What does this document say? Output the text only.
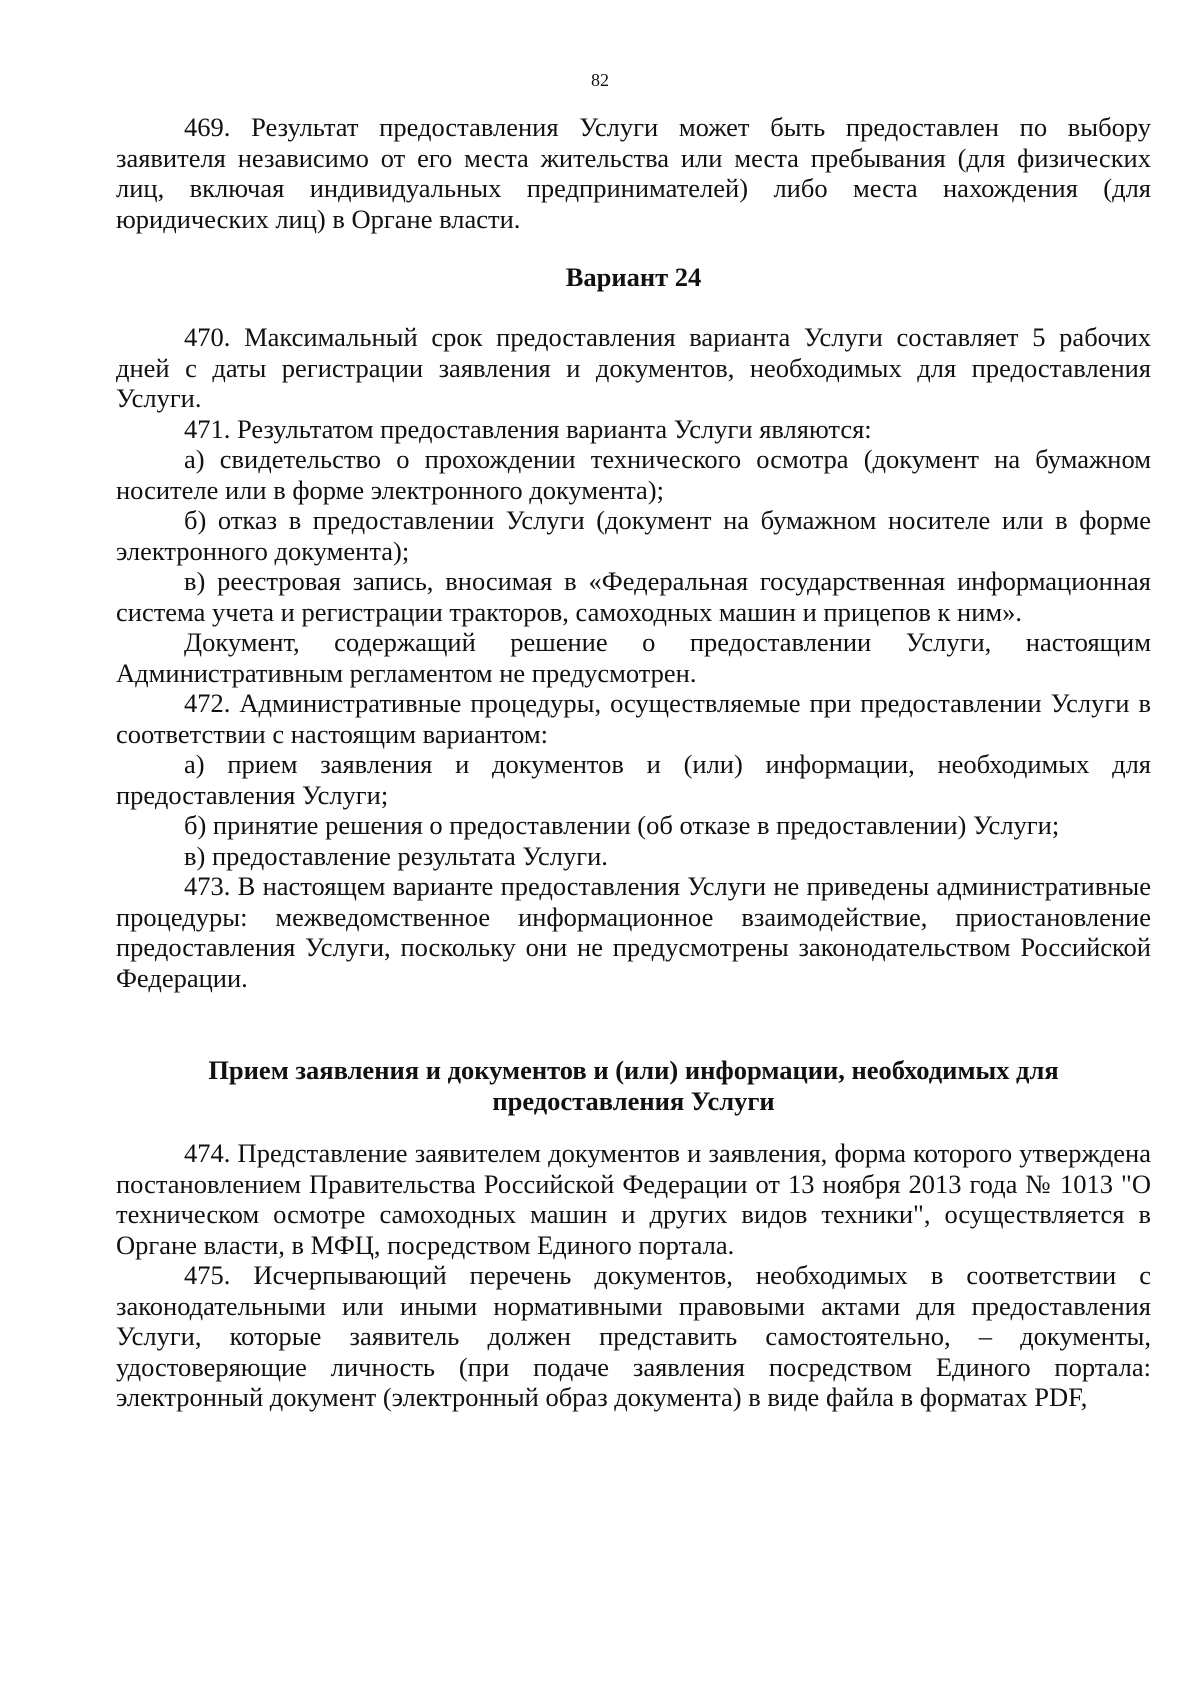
82

469. Результат предоставления Услуги может быть предоставлен по выбору заявителя независимо от его места жительства или места пребывания (для физических лиц, включая индивидуальных предпринимателей) либо места нахождения (для юридических лиц) в Органе власти.

Вариант 24

470. Максимальный срок предоставления варианта Услуги составляет 5 рабочих дней с даты регистрации заявления и документов, необходимых для предоставления Услуги.

471. Результатом предоставления варианта Услуги являются:

а) свидетельство о прохождении технического осмотра (документ на бумажном носителе или в форме электронного документа);

б) отказ в предоставлении Услуги (документ на бумажном носителе или в форме электронного документа);

в) реестровая запись, вносимая в «Федеральная государственная информационная система учета и регистрации тракторов, самоходных машин и прицепов к ним».

Документ, содержащий решение о предоставлении Услуги, настоящим Административным регламентом не предусмотрен.

472. Административные процедуры, осуществляемые при предоставлении Услуги в соответствии с настоящим вариантом:

а) прием заявления и документов и (или) информации, необходимых для предоставления Услуги;

б) принятие решения о предоставлении (об отказе в предоставлении) Услуги;

в) предоставление результата Услуги.

473. В настоящем варианте предоставления Услуги не приведены административные процедуры: межведомственное информационное взаимодействие, приостановление предоставления Услуги, поскольку они не предусмотрены законодательством Российской Федерации.

Прием заявления и документов и (или) информации, необходимых для предоставления Услуги

474. Представление заявителем документов и заявления, форма которого утверждена постановлением Правительства Российской Федерации от 13 ноября 2013 года № 1013 "О техническом осмотре самоходных машин и других видов техники", осуществляется в Органе власти, в МФЦ, посредством Единого портала.

475. Исчерпывающий перечень документов, необходимых в соответствии с законодательными или иными нормативными правовыми актами для предоставления Услуги, которые заявитель должен представить самостоятельно, – документы, удостоверяющие личность (при подаче заявления посредством Единого портала: электронный документ (электронный образ документа) в виде файла в форматах PDF,
